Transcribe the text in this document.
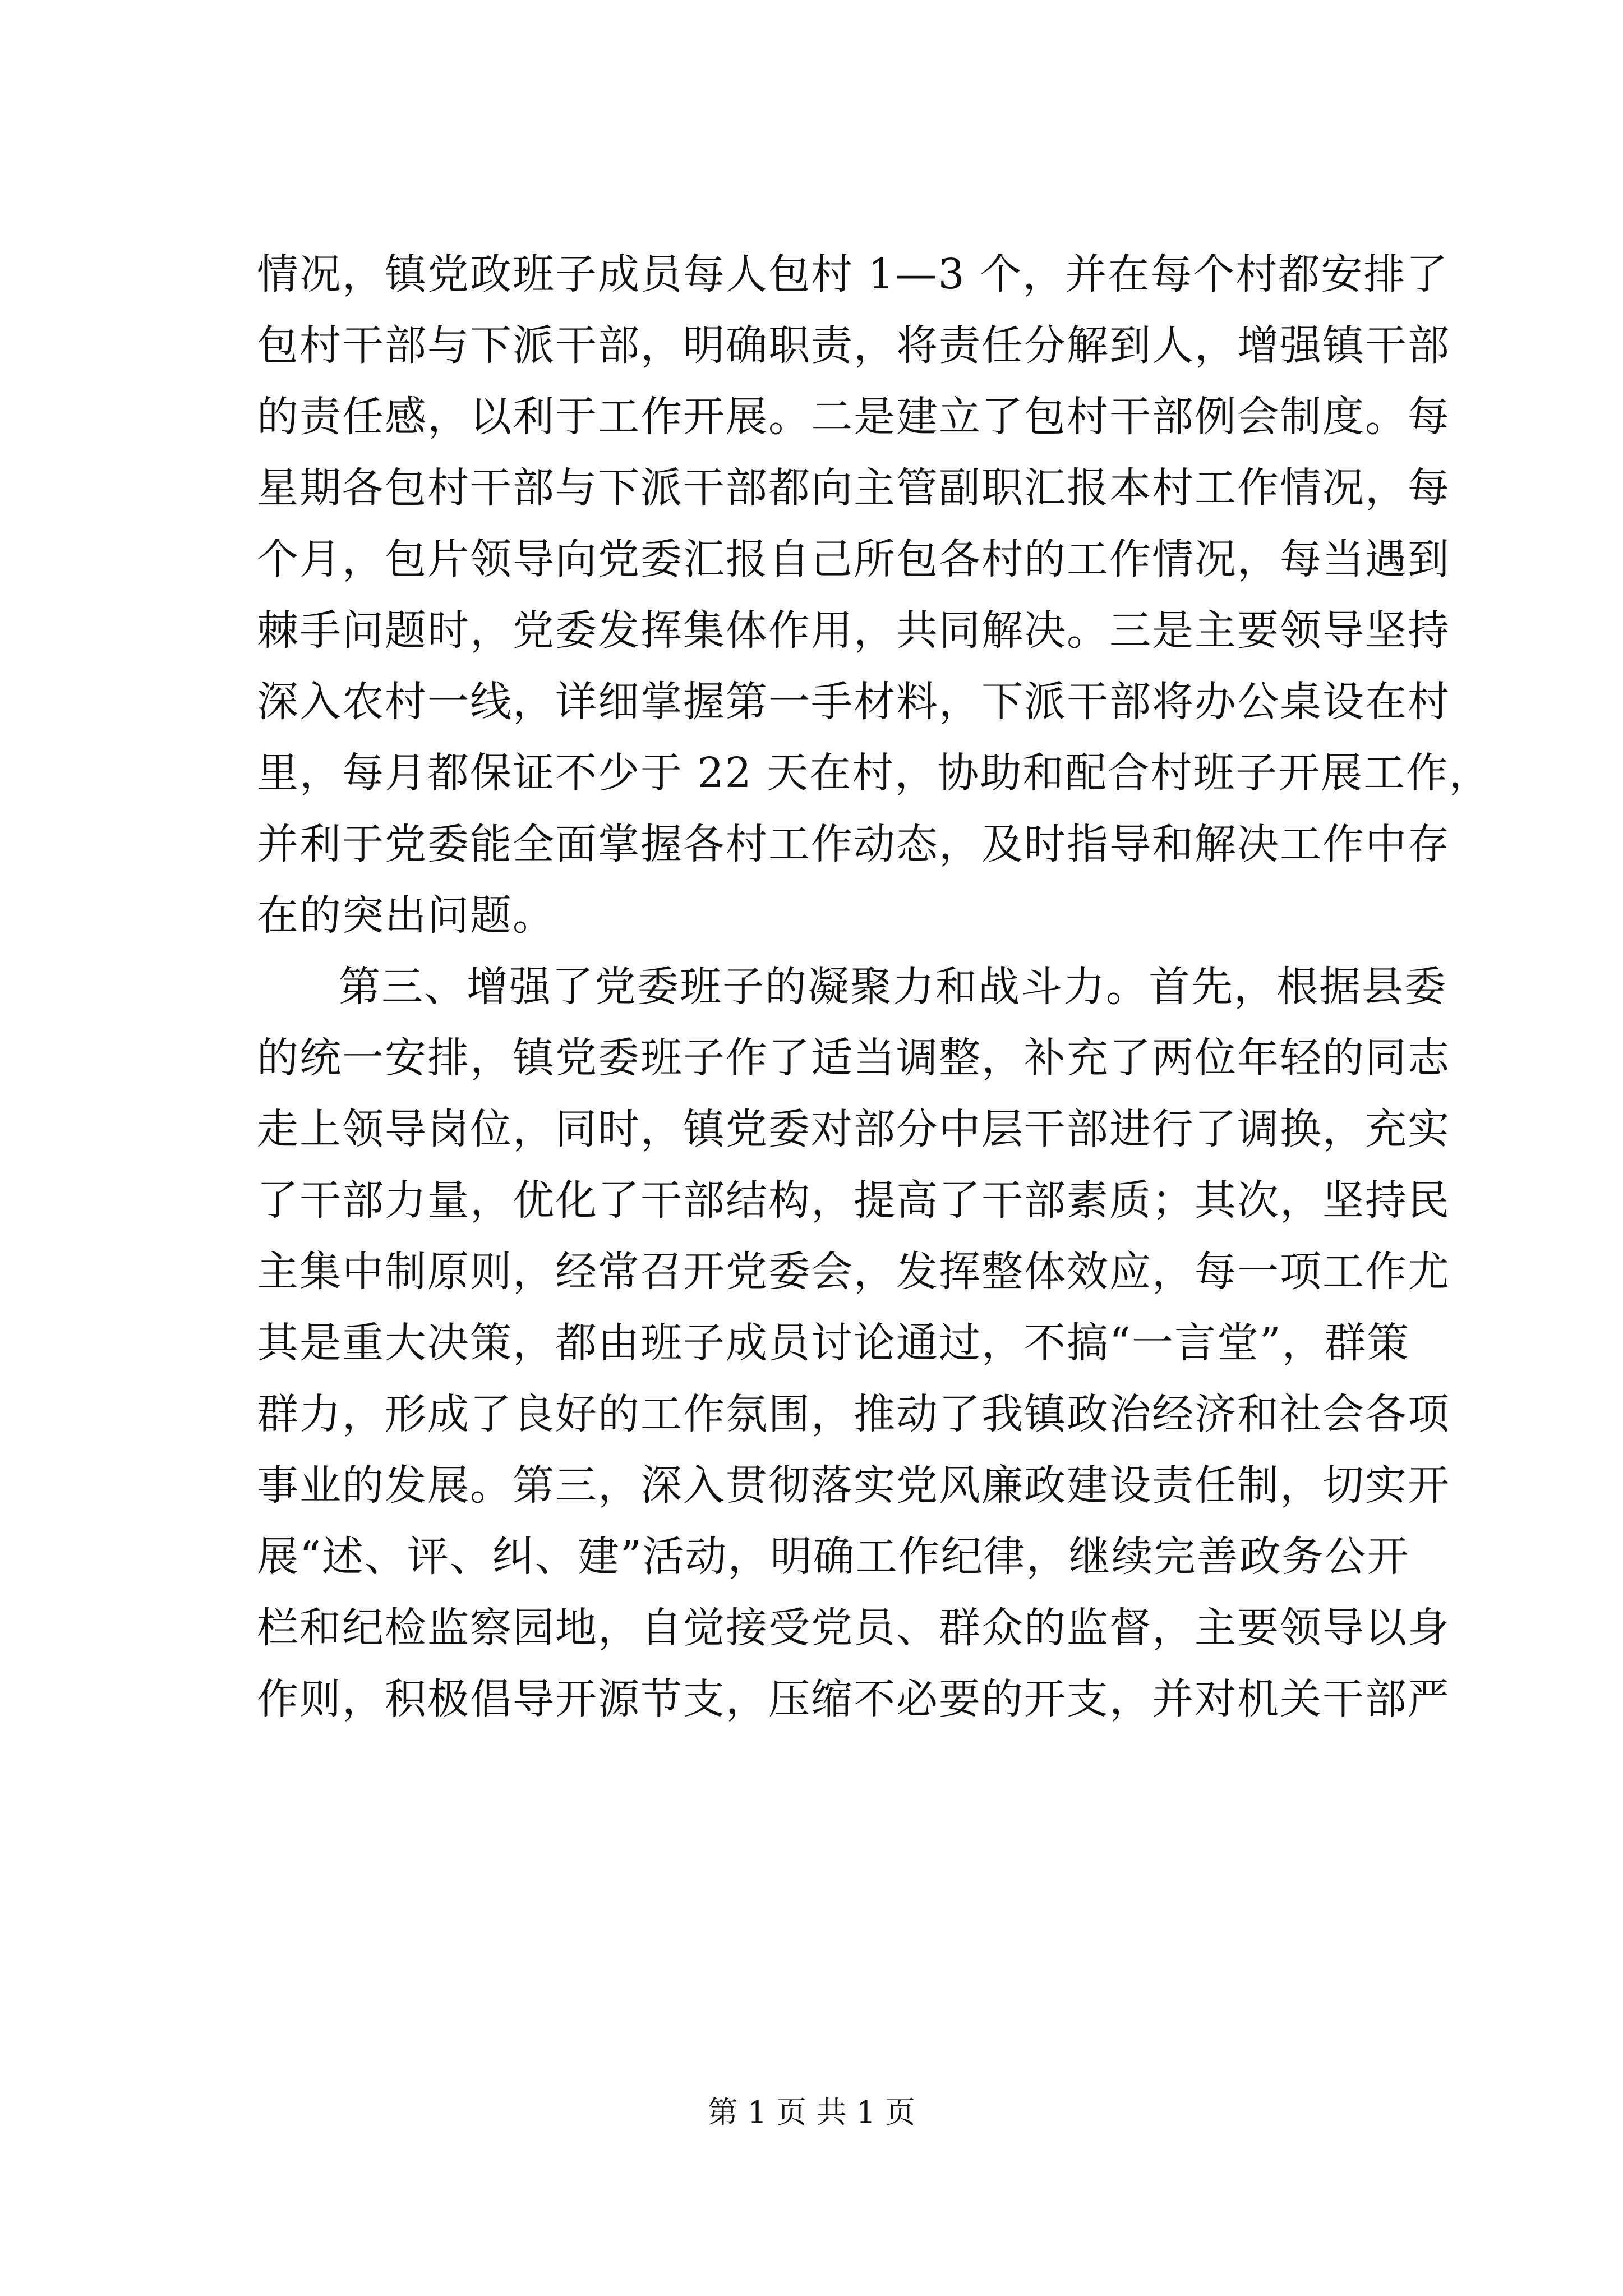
情况，镇党政班子成员每人包村 1—3 个，并在每个村都安排了
包村干部与下派干部，明确职责，将责任分解到人，增强镇干部
的责任感，以利于工作开展。二是建立了包村干部例会制度。每
星期各包村干部与下派干部都向主管副职汇报本村工作情况，每
个月，包片领导向党委汇报自己所包各村的工作情况，每当遇到
棘手问题时，党委发挥集体作用，共同解决。三是主要领导坚持
深入农村一线，详细掌握第一手材料，下派干部将办公桌设在村
里，每月都保证不少于 22 天在村，协助和配合村班子开展工作，
并利于党委能全面掌握各村工作动态，及时指导和解决工作中存
在的突出问题。
第三、增强了党委班子的凝聚力和战斗力。首先，根据县委
的统一安排，镇党委班子作了适当调整，补充了两位年轻的同志
走上领导岗位，同时，镇党委对部分中层干部进行了调换，充实
了干部力量，优化了干部结构，提高了干部素质；其次，坚持民
主集中制原则，经常召开党委会，发挥整体效应，每一项工作尤
其是重大决策，都由班子成员讨论通过，不搞“一言堂”，群策
群力，形成了良好的工作氛围，推动了我镇政治经济和社会各项
事业的发展。第三，深入贯彻落实党风廉政建设责任制，切实开
展“述、评、纠、建”活动，明确工作纪律，继续完善政务公开
栏和纪检监察园地，自觉接受党员、群众的监督，主要领导以身
作则，积极倡导开源节支，压缩不必要的开支，并对机关干部严
第 1 页 共 1 页
